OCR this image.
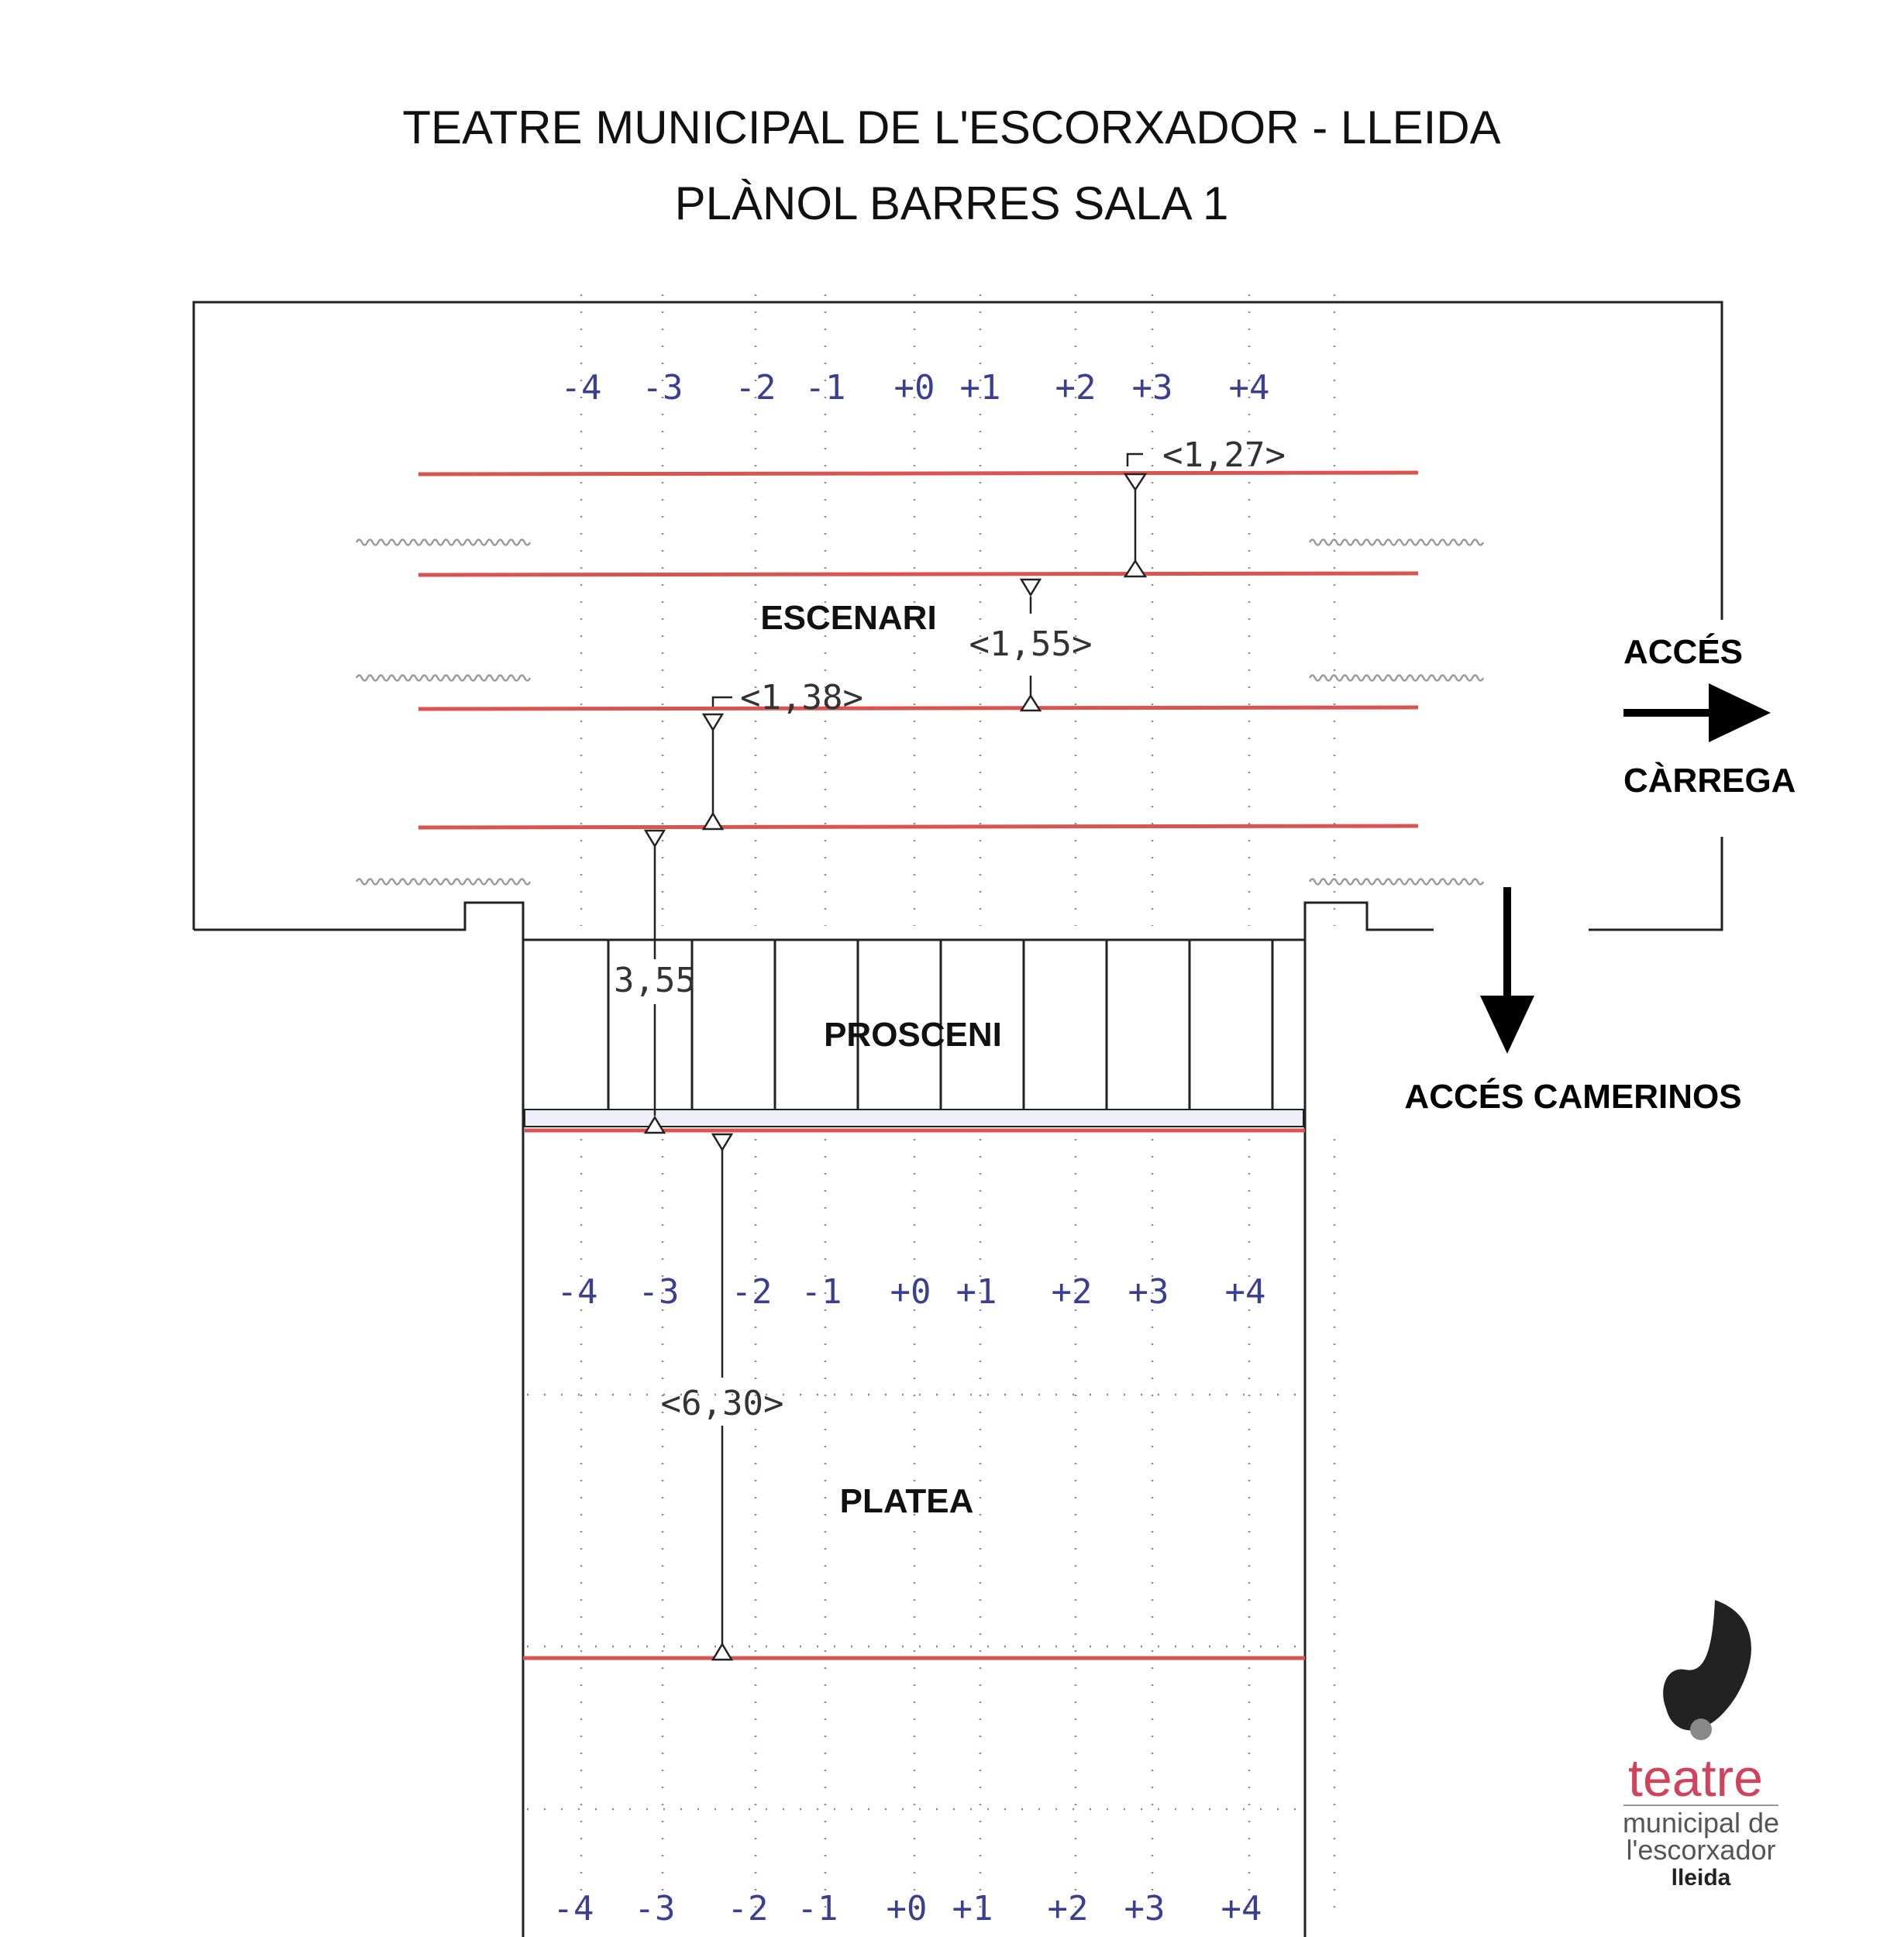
TEATRE MUNICIPAL DE L'ESCORXADOR - LLEIDA
PLÀNOL BARRES SALA 1
<1,27>
<1,55>
<1,38>
3,55
<6,30>
-4 -3 -2 -1 +0 +1 +2 +3 +4
-4 -3 -2 -1 +0 +1 +2 +3 +4
-4 -3 -2 -1 +0 +1 +2 +3 +4
ESCENARI
PROSCENI
PLATEA
ACCÉS
CÀRREGA
ACCÉS CAMERINOS
teatre
municipal de
l'escorxador
lleida
